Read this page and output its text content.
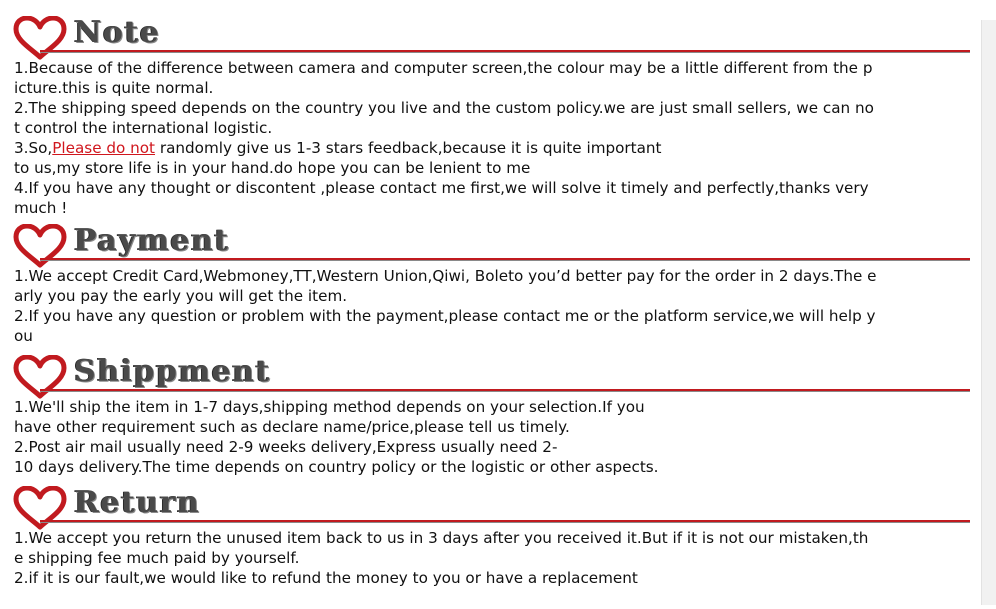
Note

1.Because of the difference between camera and computer screen,the colour may be a little different from the p

icture.this is quite normal.

2.The shipping speed depends on the country you live and the custom policy.we are just small sellers, we can no

t control the international logistic.

3.So,Please do not randomly give us 1-3 stars feedback,because it is quite important

to us,my store life is in your hand.do hope you can be lenient to me

4.If you have any thought or discontent ,please contact me first,we will solve it timely and perfectly,thanks very

much !

Payment

1.We accept Credit Card,Webmoney,TT,Western Union,Qiwi, Boleto you’d better pay for the order in 2 days.The e

arly you pay the early you will get the item.

2.If you have any question or problem with the payment,please contact me or the platform service,we will help y

ou

Shippment

1.We'll ship the item in 1-7 days,shipping method depends on your selection.If you

have other requirement such as declare name/price,please tell us timely.

2.Post air mail usually need 2-9 weeks delivery,Express usually need 2-

10 days delivery.The time depends on country policy or the logistic or other aspects.

Return

1.We accept you return the unused item back to us in 3 days after you received it.But if it is not our mistaken,th

e shipping fee much paid by yourself.

2.if it is our fault,we would like to refund the money to you or have a replacement
